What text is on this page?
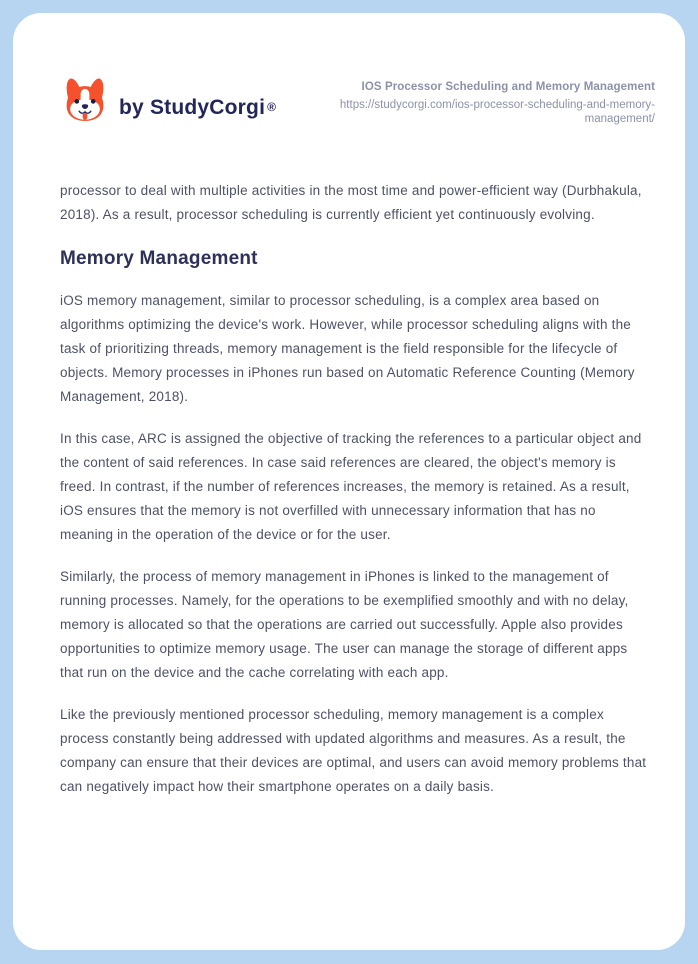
by StudyCorgi ®
IOS Processor Scheduling and Memory Management
https://studycorgi.com/ios-processor-scheduling-and-memory-management/

processor to deal with multiple activities in the most time and power-efficient way (Durbhakula, 2018). As a result, processor scheduling is currently efficient yet continuously evolving.

Memory Management

iOS memory management, similar to processor scheduling, is a complex area based on algorithms optimizing the device's work. However, while processor scheduling aligns with the task of prioritizing threads, memory management is the field responsible for the lifecycle of objects. Memory processes in iPhones run based on Automatic Reference Counting (Memory Management, 2018).

In this case, ARC is assigned the objective of tracking the references to a particular object and the content of said references. In case said references are cleared, the object's memory is freed. In contrast, if the number of references increases, the memory is retained. As a result, iOS ensures that the memory is not overfilled with unnecessary information that has no meaning in the operation of the device or for the user.

Similarly, the process of memory management in iPhones is linked to the management of running processes. Namely, for the operations to be exemplified smoothly and with no delay, memory is allocated so that the operations are carried out successfully. Apple also provides opportunities to optimize memory usage. The user can manage the storage of different apps that run on the device and the cache correlating with each app.

Like the previously mentioned processor scheduling, memory management is a complex process constantly being addressed with updated algorithms and measures. As a result, the company can ensure that their devices are optimal, and users can avoid memory problems that can negatively impact how their smartphone operates on a daily basis.
